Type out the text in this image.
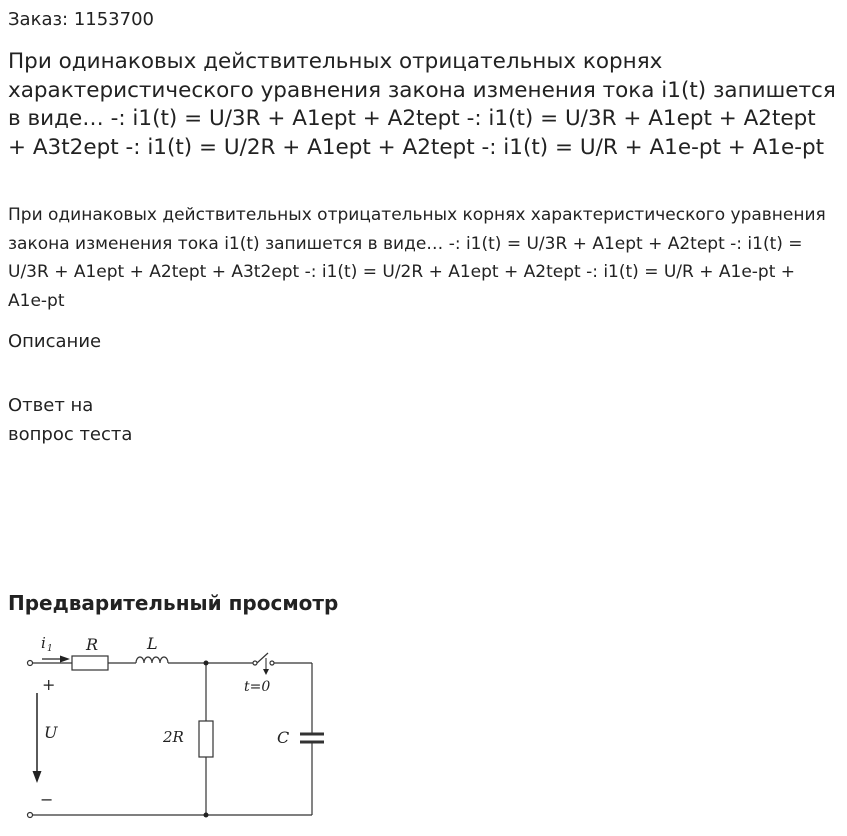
Заказ: 1153700
При одинаковых действительных отрицательных корнях характеристического уравнения закона изменения тока i1(t) запишется в виде… -: i1(t) = U/3R + A1ept + A2tept -: i1(t) = U/3R + A1ept + A2tept + A3t2ept -: i1(t) = U/2R + A1ept + A2tept -: i1(t) = U/R + A1e-pt + A1e-pt

При одинаковых действительных отрицательных корнях характеристического уравнения закона изменения тока i1(t) запишется в виде… -: i1(t) = U/3R + A1ept + A2tept -: i1(t) = U/3R + A1ept + A2tept + A3t2ept -: i1(t) = U/2R + A1ept + A2tept -: i1(t) = U/R + A1e-pt + A1e-pt

Описание
Ответ на вопрос теста
Предварительный просмотр
i 1 R	L
+
U
−
t=0
2R	C
